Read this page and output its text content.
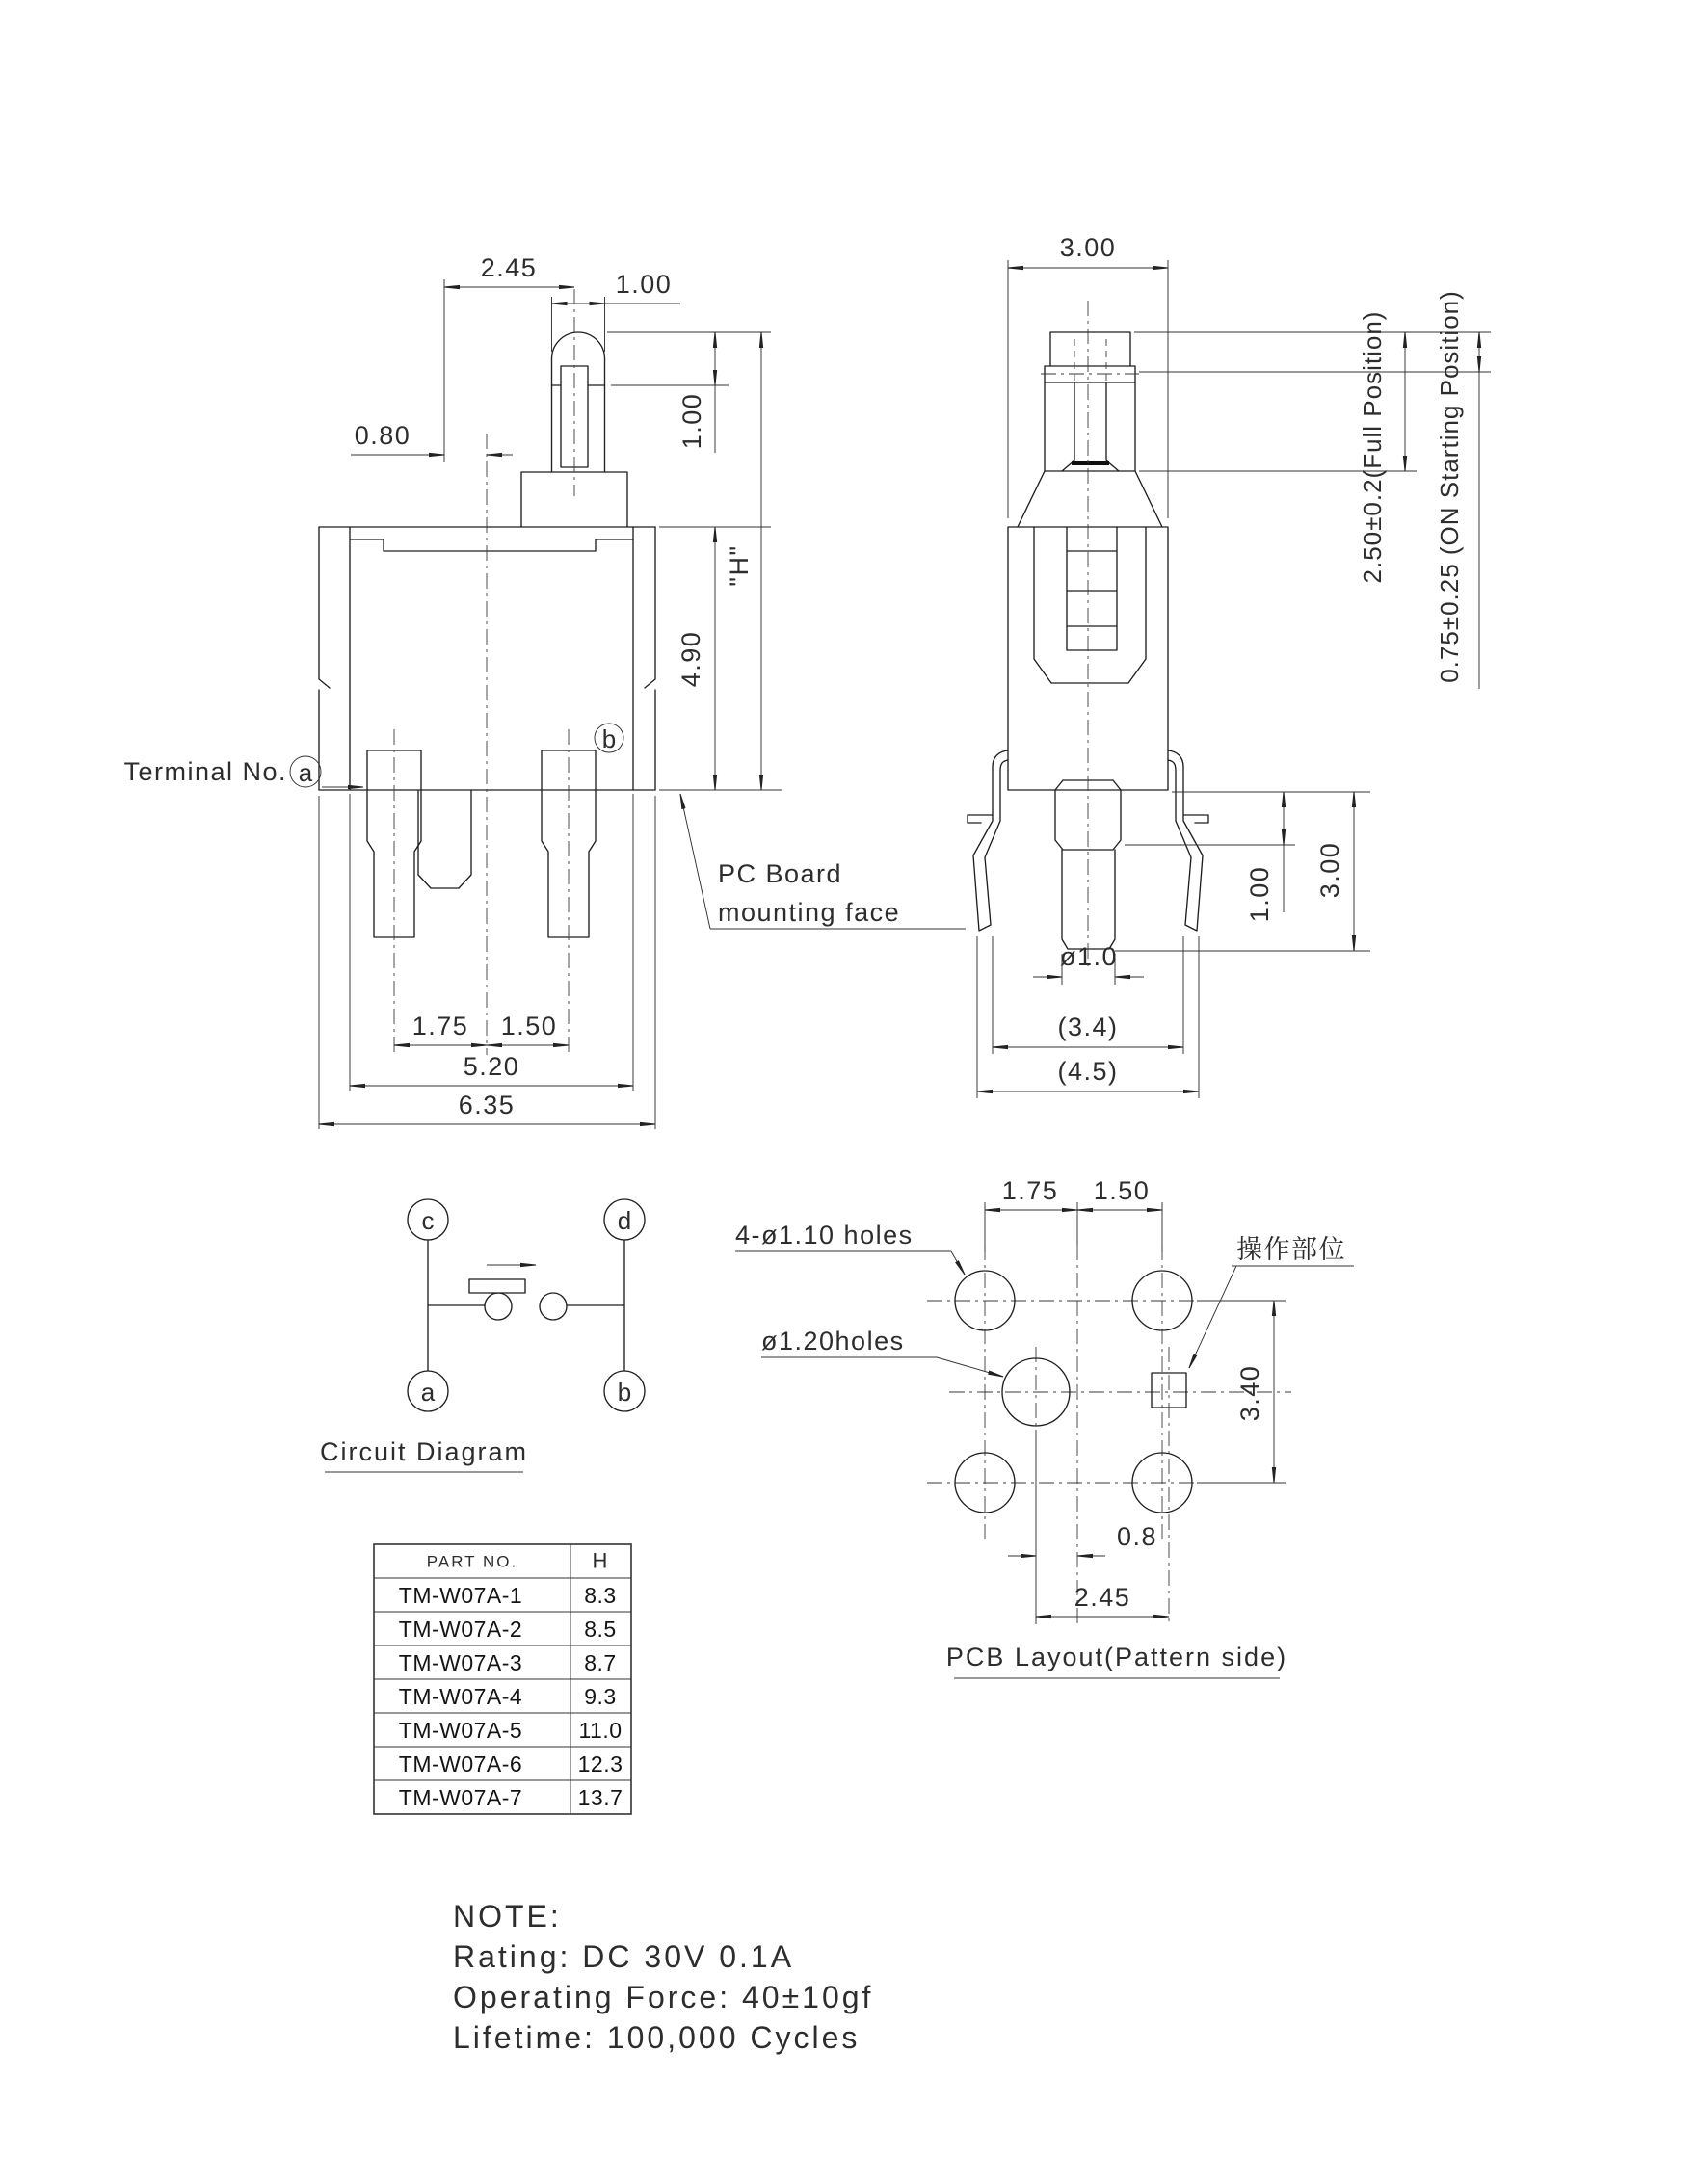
2.45
1.00
0.80	1.00
4.90
"H"
1.75 1.50
5.20
6.35
Terminal No. a
b
PC Board
mounting face
3.00
2.50±0.2(Full Position) 0.75±0.25 (ON Starting Position)
1.00 3.00
ø1.0
(3.4)
(4.5)
c	d
a	b
Circuit Diagram
1.75 1.50
3.40
0.8
2.45
4-ø1.10 holes
ø1.20holes
操作部位
PCB Layout(Pattern side)
PART NO.	H
TM-W07A-1	8.3
TM-W07A-2	8.5
TM-W07A-3	8.7
TM-W07A-4	9.3
TM-W07A-5	11.0
TM-W07A-6 12.3
TM-W07A-7 13.7
NOTE:
Rating: DC 30V 0.1A
Operating Force: 40±10gf
Lifetime: 100,000 Cycles
